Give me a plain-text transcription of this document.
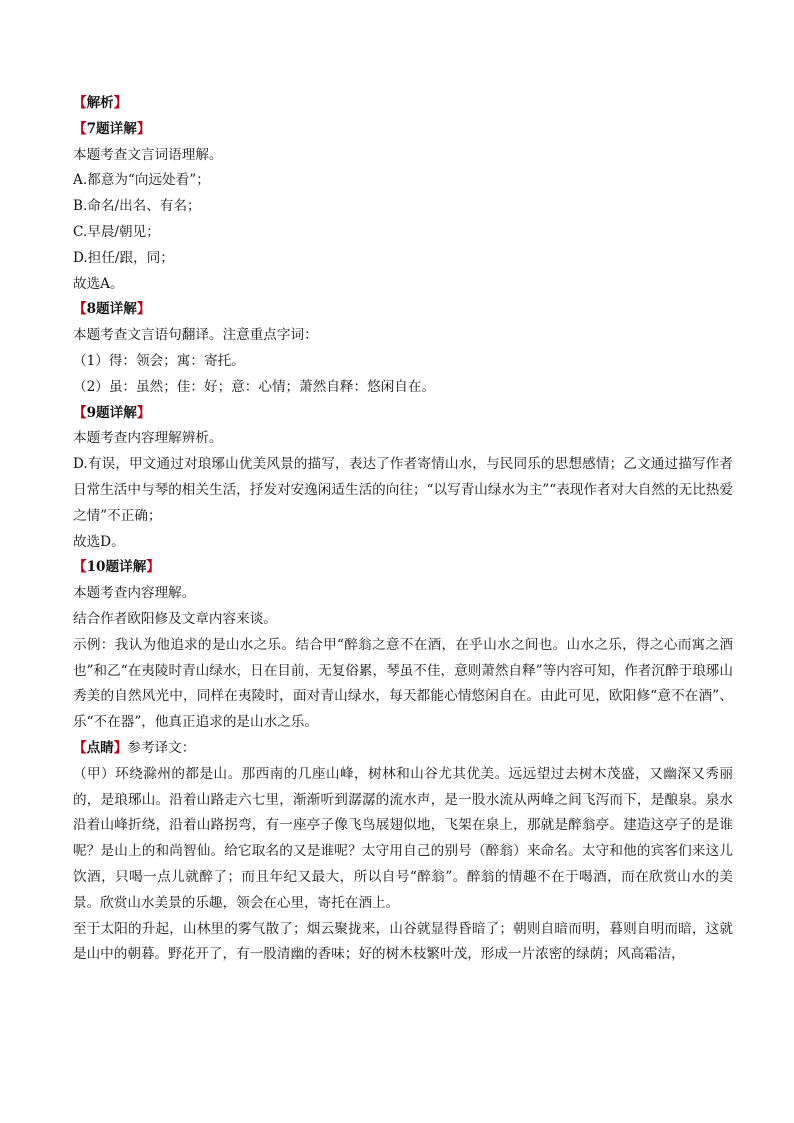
【解析】
【7题详解】
本题考查文言词语理解。
A.都意为“向远处看”；
B.命名/出名、有名；
C.早晨/朝见；
D.担任/跟，同；
故选A。
【8题详解】
本题考查文言语句翻译。注意重点字词：
（1）得：领会；寓：寄托。
（2）虽：虽然；佳：好；意：心情；萧然自释：悠闲自在。
【9题详解】
本题考查内容理解辨析。
D.有误，甲文通过对琅琊山优美风景的描写，表达了作者寄情山水，与民同乐的思想感情；乙文通过描写作者日常生活中与琴的相关生活，抒发对安逸闲适生活的向往；“以写青山绿水为主”“表现作者对大自然的无比热爱之情”不正确；
故选D。
【10题详解】
本题考查内容理解。
结合作者欧阳修及文章内容来谈。
示例：我认为他追求的是山水之乐。结合甲“醉翁之意不在酒，在乎山水之间也。山水之乐，得之心而寓之酒也”和乙“在夷陵时青山绿水，日在目前，无复俗累，琴虽不佳，意则萧然自释”等内容可知，作者沉醉于琅琊山秀美的自然风光中，同样在夷陵时，面对青山绿水，每天都能心情悠闲自在。由此可见，欧阳修“意不在酒”、乐“不在器”，他真正追求的是山水之乐。
【点睛】参考译文：
（甲）环绕滁州的都是山。那西南的几座山峰，树林和山谷尤其优美。远远望过去树木茂盛，又幽深又秀丽的，是琅琊山。沿着山路走六七里，渐渐听到潺潺的流水声，是一股水流从两峰之间飞泻而下，是酿泉。泉水沿着山峰折绕，沿着山路拐弯，有一座亭子像飞鸟展翅似地，飞架在泉上，那就是醉翁亭。建造这亭子的是谁呢？是山上的和尚智仙。给它取名的又是谁呢？太守用自己的别号（醉翁）来命名。太守和他的宾客们来这儿饮酒，只喝一点儿就醉了；而且年纪又最大，所以自号“醉翁”。醉翁的情趣不在于喝酒，而在欣赏山水的美景。欣赏山水美景的乐趣，领会在心里，寄托在酒上。
至于太阳的升起，山林里的雾气散了；烟云聚拢来，山谷就显得昏暗了；朝则自暗而明，暮则自明而暗，这就是山中的朝暮。野花开了，有一股清幽的香味；好的树木枝繁叶茂，形成一片浓密的绿荫；风高霜洁，
